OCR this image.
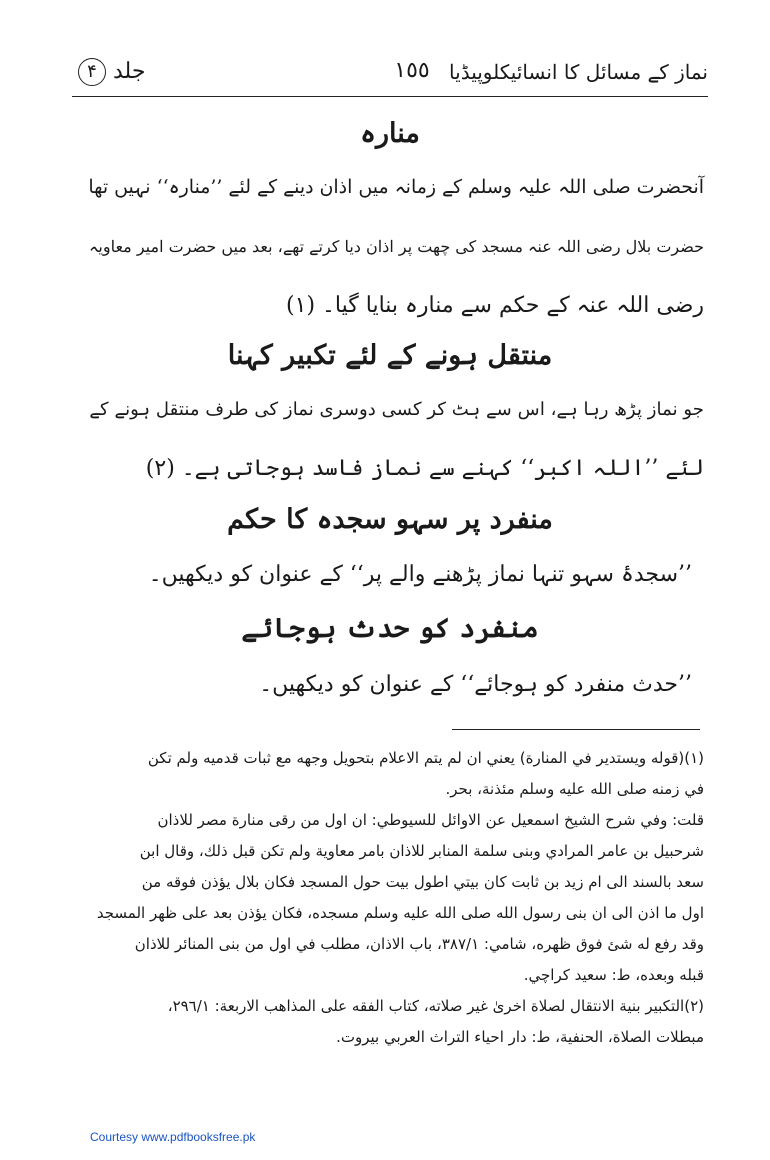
جلد ۴	١٥٥ نماز کے مسائل کا انسائیکلوپیڈیا
منارہ
آنحضرت صلی اللہ علیہ وسلم کے زمانہ میں اذان دینے کے لئے ’’منارہ‘‘ نہیں تھا
حضرت بلال رضی اللہ عنہ مسجد کی چھت پر اذان دیا کرتے تھے، بعد میں حضرت امیر معاویہ
رضی اللہ عنہ کے حکم سے منارہ بنایا گیا۔ (۱)
منتقل ہونے کے لئے تکبیر کہنا
جو نماز پڑھ رہا ہے، اس سے ہٹ کر کسی دوسری نماز کی طرف منتقل ہونے کے
لئے ’’اللہ اکبر‘‘ کہنے سے نماز فاسد ہوجاتی ہے۔ (۲)
منفرد پر سہو سجدہ کا حکم
’’سجدۂ سہو تنہا نماز پڑھنے والے پر‘‘ کے عنوان کو دیکھیں۔
منفرد کو حدث ہوجائے
’’حدث منفرد کو ہوجائے‘‘ کے عنوان کو دیکھیں۔
(۱)(قوله ويستدير في المنارة) يعني ان لم يتم الاعلام بتحويل وجهه مع ثبات قدميه ولم تكن
في زمنه صلى الله عليه وسلم مئذنة، بحر.
قلت: وفي شرح الشيخ اسمعيل عن الاوائل للسيوطي: ان اول من رقى منارة مصر للاذان
شرحبيل بن عامر المرادي وبنى سلمة المنابر للاذان بامر معاوية ولم تكن قبل ذلك، وقال ابن
سعد بالسند الى ام زيد بن ثابت كان بيتي اطول بيت حول المسجد فكان بلال يؤذن فوقه من
اول ما اذن الى ان بنى رسول الله صلى الله عليه وسلم مسجده، فكان يؤذن بعد على ظهر المسجد
وقد رفع له شئ فوق ظهره، شامي: ٣٨٧/١، باب الاذان، مطلب في اول من بنى المنائر للاذان
قبله وبعده، ط: سعيد كراچي.
(۲)التكبير بنية الانتقال لصلاة اخرىٰ غير صلاته، كتاب الفقه على المذاهب الاربعة: ٢٩٦/١،
مبطلات الصلاة، الحنفية، ط: دار احياء التراث العربي بيروت.
Courtesy www.pdfbooksfree.pk
